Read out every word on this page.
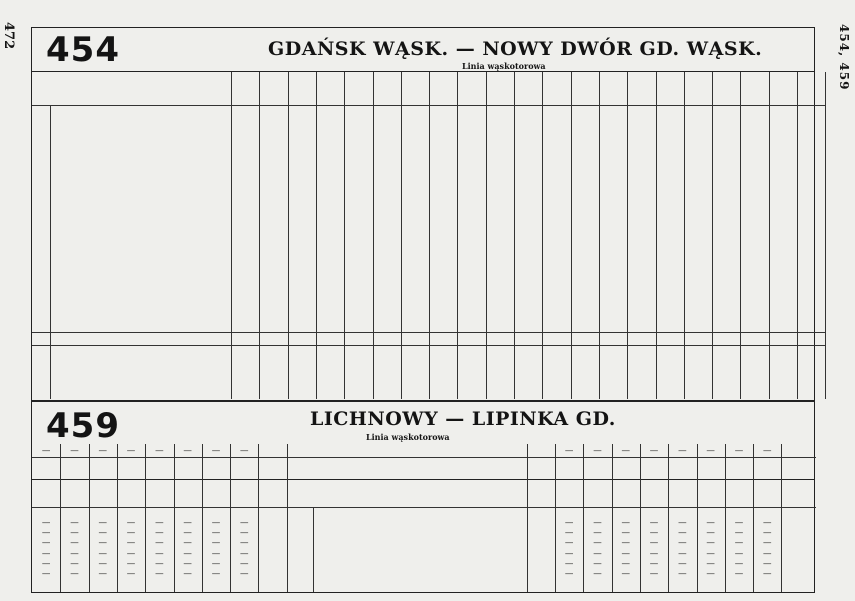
472	454, 459
454	GDAŃSK WĄSK. — NOWY DWÓR GD. WĄSK.
Linia wąskotorowa
459	LICHNOWY — LIPINKA GD.
Linia wąskotorowa
—	—	—	—	—	—	—	—	—	—	—	—	—	—	—	—
—	—	—	—	—	—	—	—	—	—	—	—	—	—	—	—
—	—	—	—	—	—	—	—	—	—	—	—	—	—	—	—
—	—	—	—	—	—	—	—	—	—	—	—	—	—	—	—
—	—	—	—	—	—	—	—	—	—	—	—	—	—	—	—
—	—	—	—	—	—	—	—	—	—	—	—	—	—	—	—
—	—	—	—	—	—	—	—	—	—	—	—	—	—	—	—
